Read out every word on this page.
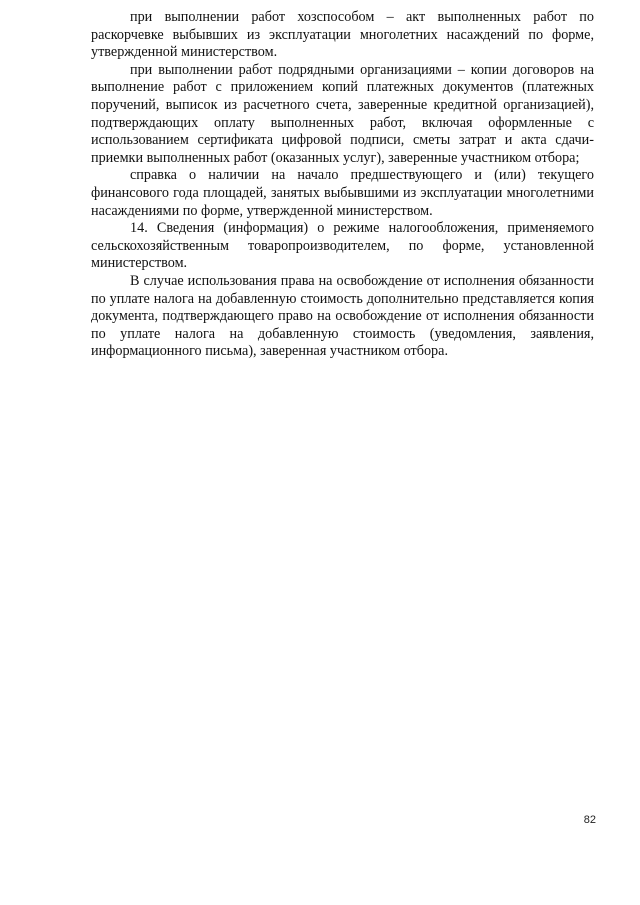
при выполнении работ хозспособом – акт выполненных работ по раскорчевке выбывших из эксплуатации многолетних насаждений по форме, утвержденной министерством.

при выполнении работ подрядными организациями – копии договоров на выполнение работ с приложением копий платежных документов (платежных поручений, выписок из расчетного счета, заверенные кредитной организацией), подтверждающих оплату выполненных работ, включая оформленные с использованием сертификата цифровой подписи, сметы затрат и акта сдачи-приемки выполненных работ (оказанных услуг), заверенные участником отбора;

справка о наличии на начало предшествующего и (или) текущего финансового года площадей, занятых выбывшими из эксплуатации многолетними насаждениями по форме, утвержденной министерством.

14. Сведения (информация) о режиме налогообложения, применяемого сельскохозяйственным товаропроизводителем, по форме, установленной министерством.

В случае использования права на освобождение от исполнения обязанности по уплате налога на добавленную стоимость дополнительно представляется копия документа, подтверждающего право на освобождение от исполнения обязанности по уплате налога на добавленную стоимость (уведомления, заявления, информационного письма), заверенная участником отбора.

82
